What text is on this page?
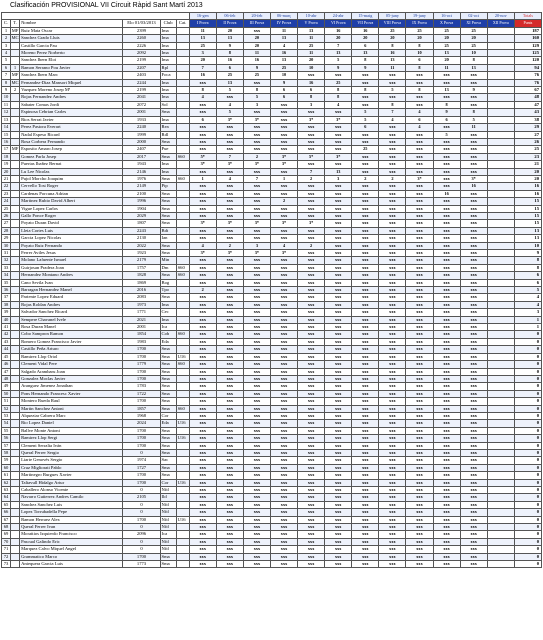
Clasificación PROVISIONAL VII Circuit Ràpid Sant Martí 2013
						16-gen	06-feb	20-feb	06-març	10-abr	24-abr	15-maig	05-juny	19-juny	16-oct	02-oct	20-nov	Totals
C.	T.	Nombre	Elo 01/03/2013	Club	Cat.	I Prova	II Prova	III Prova	IV Prova	V Prova	VI Prova	VII Prova	VIII Prova	IX Prova	X Prova	XI Prova	XII Prova	Punts
1	MF	Ruiz Mata Oscar	2399	Ima		11	20	xxx	11	13	16	16	25	25	25	25		187
2	MC	Sanchez Grado Lluis	2260	Ima		13	13	20	13	11	20	20	20	20	20	20		160
3		Castillo Garcia Pau	2226	Ima		25	9	20	4	25	7	6	8	8	25	25		129
4		Moreno Perez Norberto	2092	Ima		3	8	11	16	11	13	13	16	10	13	10		125
5		Sanchez Ibern Eloi	2199	Ima		20	16	16	13	20	5	8	13	6	20	8		120
6	1	Ramon Serrano Pou Javier	2207	Rpl		7	6	9	25	10	9	9	11	8	11	13		94
7	MF	Sanchez Ibern Marc	2403	Foca		16	25	25	10	xxx	xxx	xxx	xxx	xxx	xxx	xxx		76
8	MC	Fernandez-Diaz Mansort Miquel	2244	Ima		xxx	13	xxx	9	16	25	xxx	xxx	xxx	xxx	xxx		76
9	2	Vazquez Moreno Josep Mª	2199	Ima		8	5	8	6	6	8	8	5	8	13	9		67
10		Rojas Fernandez Andres	2041	Ima		4	xxx	5	6	8	8	xxx	xxx	xxx	xxx	xxx		48
11		Sabater Comas Jordi	2072	Sol		xxx	4	3	xxx	3	4	xxx	8	xxx	8	xxx		47
12		Espinosa Cebrian Carles	2001	Sma		xxx	5	xxx	xxx	xxx	xxx	5	7	4	9	8		43
13		Rios Serrat Javier	1933	Ima		6	3*	3*	xxx	3*	3*	5	4	6	6	5		38
14		Perez Pastora Everart	2240	Rea		xxx	xxx	xxx	xxx	xxx	xxx	6	xxx	4	xxx	11		29
15		Nadal Espeso Ricard	1999	Rdl		xxx	xxx	xxx	xxx	xxx	xxx	xxx	xxx	xxx	5	xxx		27
16		Rosa Corbera Fernando	2000	Sma		xxx	xxx	xxx	xxx	xxx	xxx	xxx	xxx	xxx	xxx	xxx		26
17	MF	Esposito Amaro Josep	2407	Pue		xxx	xxx	xxx	xxx	xxx	xxx	25	xxx	xxx	xxx	xxx		25
18		Gomez Parla Josep	2017	Sma	S60	5*	7	2	3*	5*	3*	xxx	xxx	xxx	xxx	xxx		23
19		Puertas Ibañez Bernat	1943	Ima		3*	3*	3*	3*	xxx	xxx	xxx	xxx	xxx	xxx	xxx		21
20		Lu Lee Nicolas	2146	Ima		xxx	xxx	xxx	xxx	7	13	xxx	xxx	xxx	xxx	xxx		20
21		Pujol Morcho Joaquim	1976	Sma	S60	1	4	7	1	2	3	2	2	3*	xxx	3*		20
22		Cervello Tost Roger	2149	Pip		xxx	xxx	xxx	xxx	xxx	xxx	xxx	xxx	xxx	xxx	16		16
23		Cardenas Porcuna Adrian	2100	Sma		xxx	xxx	xxx	xxx	xxx	xxx	xxx	xxx	xxx	16	xxx		16
24		Martinez Rubio David Albert	1996	Sma		xxx	xxx	xxx	2	xxx	xxx	xxx	xxx	xxx	xxx	xxx		15
25		Vigue Lopez Carlos	1904	Sma		xxx	xxx	xxx	xxx	xxx	xxx	xxx	xxx	xxx	xxx	xxx		15
26		Gallo Ponce Roger	2029	Sma		xxx	xxx	xxx	xxx	xxx	xxx	xxx	xxx	xxx	xxx	xxx		15
27		Poyato Duran David	1807	Sma		3*	3*	3*	3*	3*	xxx	xxx	xxx	xxx	xxx	xxx		15
28		Lleia Cortes Luis	2243	Bdt		xxx	xxx	xxx	xxx	xxx	xxx	xxx	xxx	xxx	xxx	xxx		13
29		Garcia Lopez Nicolas	2130	Ian		xxx	xxx	xxx	xxx	xxx	xxx	xxx	xxx	xxx	xxx	xxx		13
30		Poyato Ruiz Fernando	2022	Sma		4	2	3	4	2	xxx	xxx	xxx	xxx	xxx	xxx		10
31		Ferrer Aviles Jesus	1923	Sma		3*	3*	3*	3*	xxx	xxx	xxx	xxx	xxx	xxx	xxx		9
32		Molano Lafuente Ismael	2179	Mtn		xxx	xxx	xxx	xxx	xxx	xxx	xxx	xxx	xxx	xxx	xxx		8
33		Guirjosan Pradera Joan	1757	Dm	S60	xxx	xxx	xxx	xxx	xxx	xxx	xxx	xxx	xxx	xxx	xxx		8
34		Hernandez Montano Andres	1828	Sma	S60	xxx	xxx	xxx	xxx	xxx	xxx	xxx	xxx	xxx	xxx	xxx		6
35		Cano Sevila Ivan	1869	Bog		xxx	xxx	xxx	xxx	xxx	xxx	xxx	xxx	xxx	xxx	xxx		6
36		Barragan Hernandez Manel	2016	Tpo		2	xxx	xxx	xxx	xxx	xxx	xxx	xxx	xxx	xxx	xxx		5
37		Pariente Lopez Eduard	2083	Sma		xxx	xxx	xxx	xxx	xxx	xxx	xxx	xxx	xxx	xxx	xxx		4
38		Rojas Roldan Andres	1973	Ima		xxx	xxx	xxx	xxx	xxx	xxx	xxx	xxx	xxx	xxx	xxx		4
39		Salvador Sanchez Ricard	1771	Cec		xxx	xxx	xxx	xxx	xxx	xxx	xxx	xxx	xxx	xxx	xxx		3
40		Sempere Chavanel Ivele	2021	Ima		xxx	xxx	xxx	xxx	xxx	xxx	xxx	xxx	xxx	xxx	xxx		1
41		Rosa Duran Manel	2001	Ica		xxx	xxx	xxx	xxx	xxx	xxx	xxx	xxx	xxx	xxx	xxx		1
42		Cobo Sampron Ramon	1854	Cob	S60	xxx	xxx	xxx	xxx	xxx	xxx	xxx	xxx	xxx	xxx	xxx		0
43		Romero Gomez Francisco Javier	1983	Eda		xxx	xxx	xxx	xxx	xxx	xxx	xxx	xxx	xxx	xxx	xxx		0
44		Castillo Peña Arturo	1700	Sma		xxx	xxx	xxx	xxx	xxx	xxx	xxx	xxx	xxx	xxx	xxx		0
45		Ramirez Llop Oriol	1700	Sma	U16	xxx	xxx	xxx	xxx	xxx	xxx	xxx	xxx	xxx	xxx	xxx		0
46		Clement Vidal Pere	1779	Sma	S60	xxx	xxx	xxx	xxx	xxx	xxx	xxx	xxx	xxx	xxx	xxx		0
47		Salgado Arambaru Joan	1700	Sma		xxx	xxx	xxx	xxx	xxx	xxx	xxx	xxx	xxx	xxx	xxx		0
48		Gonzalez Moclas Javier	1700	Sma		xxx	xxx	xxx	xxx	xxx	xxx	xxx	xxx	xxx	xxx	xxx		0
49		Aranguez Jimenez Jonathan	1783	Sma		xxx	xxx	xxx	xxx	xxx	xxx	xxx	xxx	xxx	xxx	xxx		0
50		Pons Hernando Francesc Xavier	1722	Sma		xxx	xxx	xxx	xxx	xxx	xxx	xxx	xxx	xxx	xxx	xxx		0
51		Montero Rueda Raul	1700	Sma		xxx	xxx	xxx	xxx	xxx	xxx	xxx	xxx	xxx	xxx	xxx		0
52		Martin Sanchez Antoni	1857	Sma	S60	xxx	xxx	xxx	xxx	xxx	xxx	xxx	xxx	xxx	xxx	xxx		0
53		Alqueziar Cabrera Marc	1968	Cor		xxx	xxx	xxx	xxx	xxx	xxx	xxx	xxx	xxx	xxx	xxx		0
54		Rio Lopez Daniel	2024	Eda	U16	xxx	xxx	xxx	xxx	xxx	xxx	xxx	xxx	xxx	xxx	xxx		0
55		Ballve Monte Antoni	1700	Sma		xxx	xxx	xxx	xxx	xxx	xxx	xxx	xxx	xxx	xxx	xxx		0
56		Ramirez Llop Sergi	1700	Sma	U16	xxx	xxx	xxx	xxx	xxx	xxx	xxx	xxx	xxx	xxx	xxx		0
57		Clement Serralta Iván	1700	Sma		xxx	xxx	xxx	xxx	xxx	xxx	xxx	xxx	xxx	xxx	xxx		0
58		Queral Ferrer Sergio	0	Sma		xxx	xxx	xxx	xxx	xxx	xxx	xxx	xxx	xxx	xxx	xxx		0
59		Liarte Genovés Sergio	1974	Sac		xxx	xxx	xxx	xxx	xxx	xxx	xxx	xxx	xxx	xxx	xxx		0
60		Cruz Migliorati Pablo	1727	Sma		xxx	xxx	xxx	xxx	xxx	xxx	xxx	xxx	xxx	xxx	xxx		0
61		Martinegro Burgues Xavier	1700	Sma		xxx	xxx	xxx	xxx	xxx	xxx	xxx	xxx	xxx	xxx	xxx		0
62		Taltavull Hidalgo Artur	1700	Cor	U16	xxx	xxx	xxx	xxx	xxx	xxx	xxx	xxx	xxx	xxx	xxx		0
63		Caballero Alonso Vicente	0	Nfd		xxx	xxx	xxx	xxx	xxx	xxx	xxx	xxx	xxx	xxx	xxx		0
64		Navarro Gutierrez Andres Camilo	2105	Ild		xxx	xxx	xxx	xxx	xxx	xxx	xxx	xxx	xxx	xxx	xxx		0
65		Sanchez Sanchez Luis	0	Nfd		xxx	xxx	xxx	xxx	xxx	xxx	xxx	xxx	xxx	xxx	xxx		0
66		Lopez Torrubadella Pepe	0	Nfd		xxx	xxx	xxx	xxx	xxx	xxx	xxx	xxx	xxx	xxx	xxx		0
67		Ramon Herraez Alex	1700	Nfd	U16	xxx	xxx	xxx	xxx	xxx	xxx	xxx	xxx	xxx	xxx	xxx		0
68		Queral Ferrer Ivan	0	Nfd		xxx	xxx	xxx	xxx	xxx	xxx	xxx	xxx	xxx	xxx	xxx		0
69		Morattios Izquierdo Francisco	2096	Ica		xxx	xxx	xxx	xxx	xxx	xxx	xxx	xxx	xxx	xxx	xxx		0
70		Pascual Galindo Eric	0	Nfd		xxx	xxx	xxx	xxx	xxx	xxx	xxx	xxx	xxx	xxx	xxx		0
71		Marquez Calvo Miquel Angel	0	Nfd		xxx	xxx	xxx	xxx	xxx	xxx	xxx	xxx	xxx	xxx	xxx		0
72		Grammatico Marco	1700	Sma		xxx	xxx	xxx	xxx	xxx	xxx	xxx	xxx	xxx	xxx	xxx		0
73		Antequera Garcia Luis	1773	Sma		xxx	xxx	xxx	xxx	xxx	xxx	xxx	xxx	xxx	xxx	xxx		0
